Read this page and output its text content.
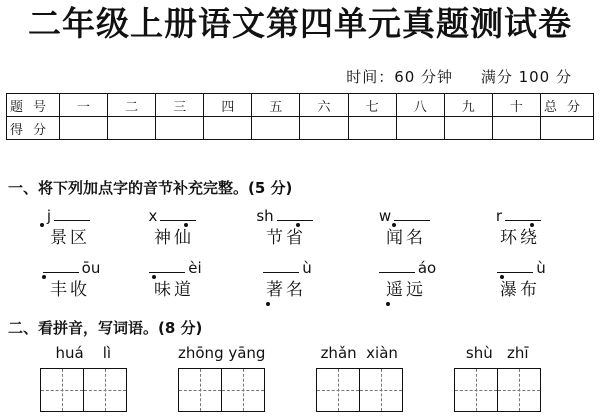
二年级上册语文第四单元真题测试卷
时间：60 分钟 满分 100 分
题号	一	二	三	四	五	六	七	八	九	十	总分
得分											
一、将下列加点字的音节补充完整。(5 分)
j
景区
x
神仙
sh
节省
w
闻名
r
环绕
ōu
丰收
èi
味道
ù
著名
áo
遥远
ù
瀑布
二、看拼音，写词语。(8 分)
huá    lì	zhōng yāng	zhǎn  xiàn	shù   zhī
